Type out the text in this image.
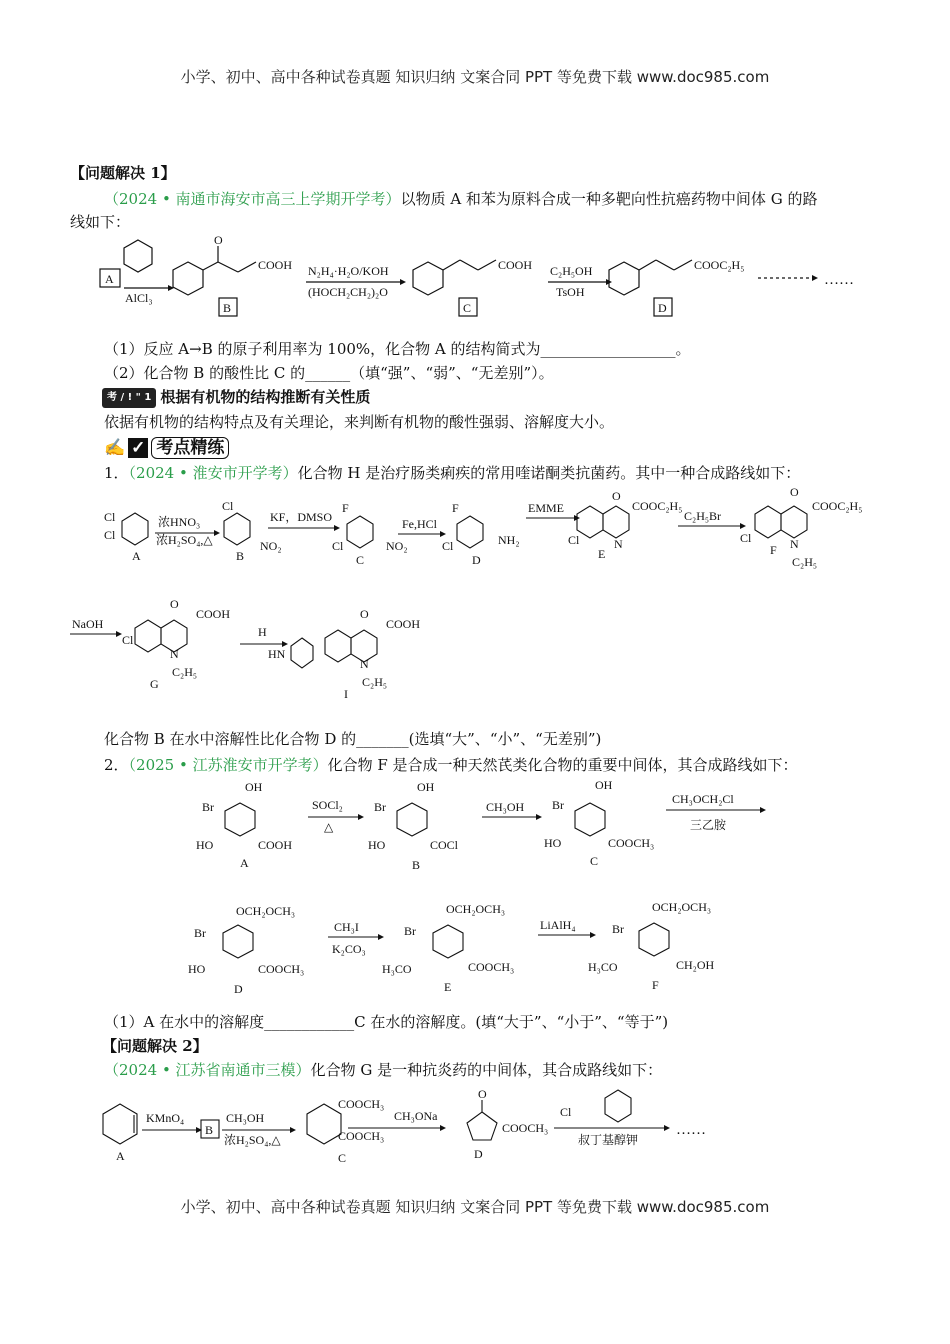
小学、初中、高中各种试卷真题 知识归纳 文案合同 PPT 等免费下载 www.doc985.com
【问题解决 1】
（2024 • 南通市海安市高三上学期开学考）以物质 A 和苯为原料合成一种多靶向性抗癌药物中间体 G 的路
线如下：
A
AlCl₃
O
COOH
B
N₂H₄·H₂O/KOH
(HOCH₂CH₂)₂O
COOH
C
C₂H₅OH
TsOH
COOC₂H₅
D
……
（1）反应 A→B 的原子利用率为 100%，化合物 A 的结构简式为__________________。
（2）化合物 B 的酸性比 C 的______（填“强”、“弱”、“无差别”）。
考 / ! " 1 根据有机物的结构推断有关性质
依据有机物的结构特点及有关理论，来判断有机物的酸性强弱、溶解度大小。
✍ ✓ 考点精练
1．（2024 • 淮安市开学考）化合物 H 是治疗肠类痢疾的常用喹诺酮类抗菌药。其中一种合成路线如下：
Cl
Cl
A
浓HNO₃
浓H₂SO₄,△
Cl
NO₂
B
KF，DMSO
F
Cl	NO₂
C
Fe,HCl
F
Cl	NH₂
D
EMME
O
COOC₂H₅
Cl	N
E
C₂H₅Br
O
COOC₂H₅
Cl	N
C₂H₅
F
NaOH
O
COOH
Cl
N
C₂H₅
G
H
O
COOH
HN
N
C₂H₅
I
化合物 B 在水中溶解性比化合物 D 的_______(选填“大”、“小”、“无差别”)
2．（2025 • 江苏淮安市开学考）化合物 F 是合成一种天然芪类化合物的重要中间体，其合成路线如下：
OH
Br
HO	COOH
A
SOCl₂
△
OH
Br
HO	COCl
B
CH₃OH
OH
Br
HO	COOCH₃
C
CH₃OCH₂Cl
三乙胺
OCH₂OCH₃
Br
HO	COOCH₃
D
CH₃I
K₂CO₃
OCH₂OCH₃
Br
H₃CO	COOCH₃
E
LiAlH₄
OCH₂OCH₃
Br
H₃CO	CH₂OH
F
（1）A 在水中的溶解度____________C 在水的溶解度。(填“大于”、“小于”、“等于”)
【问题解决 2】
（2024 • 江苏省南通市三模）化合物 G 是一种抗炎药的中间体，其合成路线如下：
A
KMnO₄
B
CH₃OH
浓H₂SO₄,△
COOCH₃
COOCH₃
C
CH₃ONa
O
COOCH₃
D
Cl
叔丁基醇钾
……
小学、初中、高中各种试卷真题 知识归纳 文案合同 PPT 等免费下载 www.doc985.com
